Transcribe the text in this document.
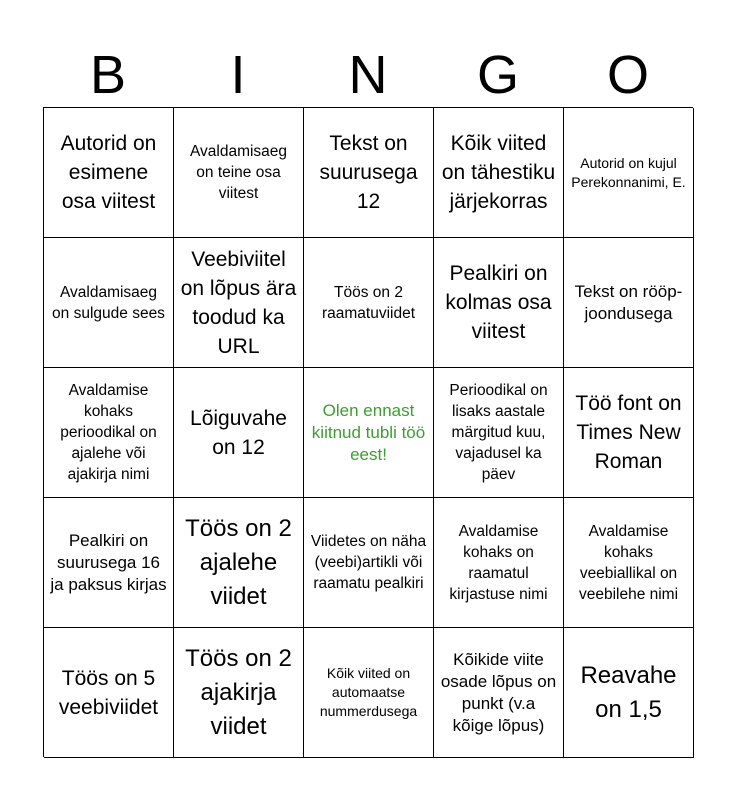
B	I	N	G	O
Autorid on esimene osa viitest
Avaldamisaeg on teine osa viitest
Tekst on suurusega 12
Kõik viited on tähestiku järjekorras
Autorid on kujul Perekonnanimi, E.
Avaldamisaeg on sulgude sees
Veebiviitel on lõpus ära toodud ka URL
Töös on 2 raamatuviidet
Pealkiri on kolmas osa viitest
Tekst on rööp-joondusega
Avaldamise kohaks perioodikal on ajalehe või ajakirja nimi
Lõiguvahe on 12
Olen ennast kiitnud tubli töö eest!
Perioodikal on lisaks aastale märgitud kuu, vajadusel ka päev
Töö font on Times New Roman
Pealkiri on suurusega 16 ja paksus kirjas
Töös on 2 ajalehe viidet
Viidetes on näha (veebi)artikli või raamatu pealkiri
Avaldamise kohaks on raamatul kirjastuse nimi
Avaldamise kohaks veebiallikal on veebilehe nimi
Töös on 5 veebiviidet
Töös on 2 ajakirja viidet
Kõik viited on automaatse nummerdusega
Kõikide viite osade lõpus on punkt (v.a kõige lõpus)
Reavahe on 1,5
